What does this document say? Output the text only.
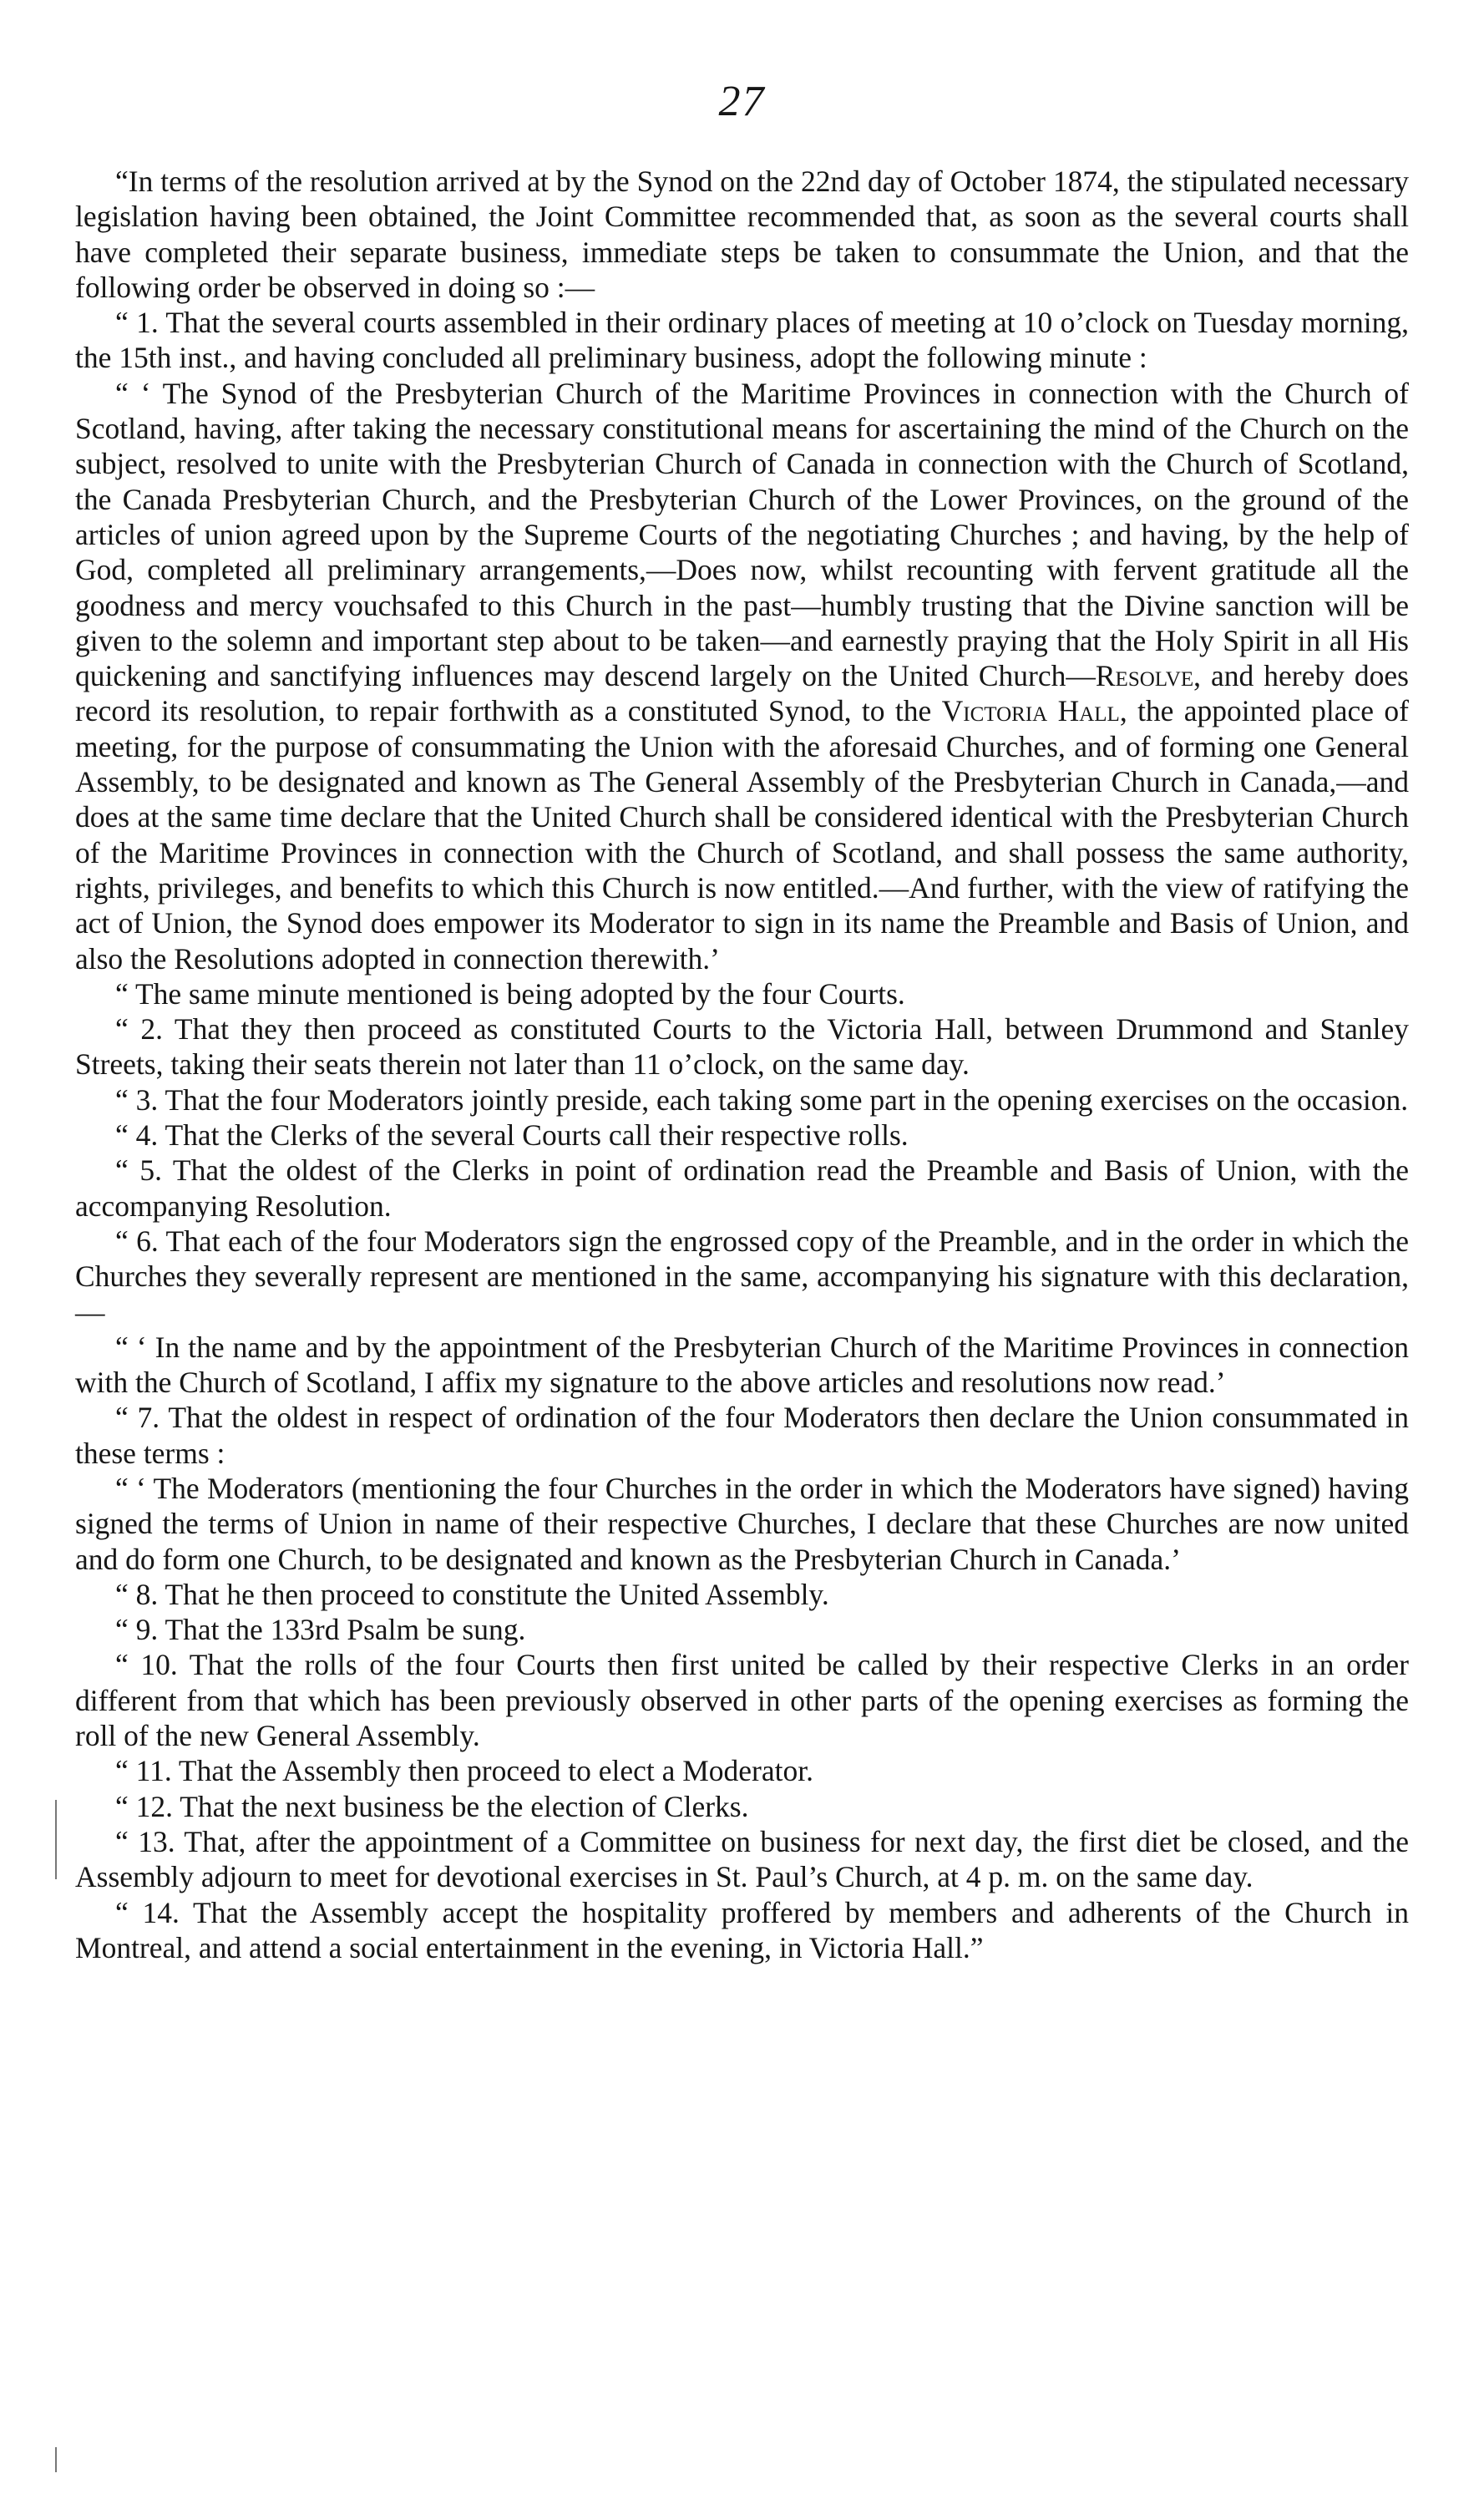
27

“In terms of the resolution arrived at by the Synod on the 22nd day of October 1874, the stipulated necessary legislation having been obtained, the Joint Committee recommended that, as soon as the several courts shall have completed their separate business, immediate steps be taken to consummate the Union, and that the following order be observed in doing so :—

“ 1. That the several courts assembled in their ordinary places of meeting at 10 o’clock on Tuesday morning, the 15th inst., and having concluded all preliminary business, adopt the following minute :

“ ‘ The Synod of the Presbyterian Church of the Maritime Provinces in connection with the Church of Scotland, having, after taking the necessary constitutional means for ascertaining the mind of the Church on the subject, resolved to unite with the Presbyterian Church of Canada in connection with the Church of Scotland, the Canada Presbyterian Church, and the Presbyterian Church of the Lower Provinces, on the ground of the articles of union agreed upon by the Supreme Courts of the negotiating Churches ; and having, by the help of God, completed all preliminary arrangements,—Does now, whilst recounting with fervent gratitude all the goodness and mercy vouchsafed to this Church in the past—humbly trusting that the Divine sanction will be given to the solemn and important step about to be taken—and earnestly praying that the Holy Spirit in all His quickening and sanctifying influences may descend largely on the United Church—Resolve, and hereby does record its resolution, to repair forthwith as a constituted Synod, to the Victoria Hall, the appointed place of meeting, for the purpose of consummating the Union with the aforesaid Churches, and of forming one General Assembly, to be designated and known as The General Assembly of the Presbyterian Church in Canada,—and does at the same time declare that the United Church shall be considered identical with the Presbyterian Church of the Maritime Provinces in connection with the Church of Scotland, and shall possess the same authority, rights, privileges, and benefits to which this Church is now entitled.—And further, with the view of ratifying the act of Union, the Synod does empower its Moderator to sign in its name the Preamble and Basis of Union, and also the Resolutions adopted in connection therewith.’

“ The same minute mentioned is being adopted by the four Courts.

“ 2. That they then proceed as constituted Courts to the Victoria Hall, between Drummond and Stanley Streets, taking their seats therein not later than 11 o’clock, on the same day.

“ 3. That the four Moderators jointly preside, each taking some part in the opening exercises on the occasion.

“ 4. That the Clerks of the several Courts call their respective rolls.

“ 5. That the oldest of the Clerks in point of ordination read the Preamble and Basis of Union, with the accompanying Resolution.

“ 6. That each of the four Moderators sign the engrossed copy of the Preamble, and in the order in which the Churches they severally represent are mentioned in the same, accompanying his signature with this declaration,—

“ ‘ In the name and by the appointment of the Presbyterian Church of the Maritime Provinces in connection with the Church of Scotland, I affix my signature to the above articles and resolutions now read.’

“ 7. That the oldest in respect of ordination of the four Moderators then declare the Union consummated in these terms :

“ ‘ The Moderators (mentioning the four Churches in the order in which the Moderators have signed) having signed the terms of Union in name of their respective Churches, I declare that these Churches are now united and do form one Church, to be designated and known as the Presbyterian Church in Canada.’

“ 8. That he then proceed to constitute the United Assembly.

“ 9. That the 133rd Psalm be sung.

“ 10. That the rolls of the four Courts then first united be called by their respective Clerks in an order different from that which has been previously observed in other parts of the opening exercises as forming the roll of the new General Assembly.

“ 11. That the Assembly then proceed to elect a Moderator.

“ 12. That the next business be the election of Clerks.

“ 13. That, after the appointment of a Committee on business for next day, the first diet be closed, and the Assembly adjourn to meet for devotional exercises in St. Paul’s Church, at 4 p. m. on the same day.

“ 14. That the Assembly accept the hospitality proffered by members and adherents of the Church in Montreal, and attend a social entertainment in the evening, in Victoria Hall.”
